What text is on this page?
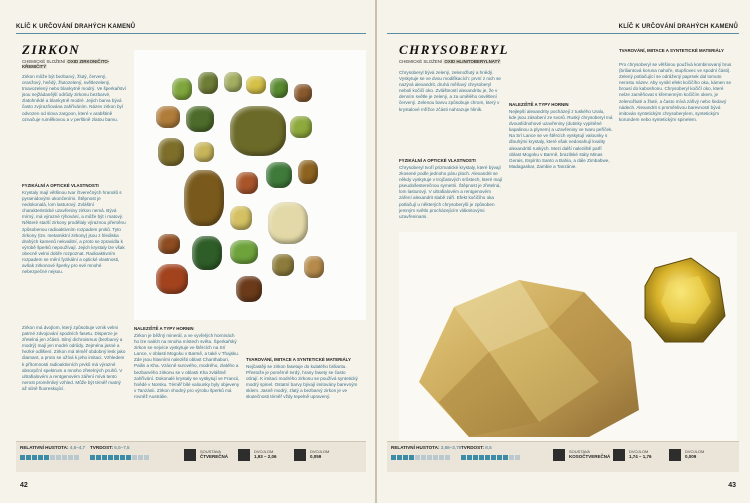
KLÍČ K URČOVÁNÍ DRAHÝCH KAMENŮ
ZIRKON
CHEMICKÉ SLOŽENÍ OXID ZIRKONIČITO-KŘEMIČITÝ
Zirkon může být bezbarvý, žlutý, červený, oranžový, hnědý, žlutozelený, světlezelený, tmavozelený nebo blankytně modrý. Ve šperkařství jsou nejžádanější odrůdy zirkonu bezbarvé, zlatohnědé a blankytně modré. Jejich barva bývá často zvýrazňována zahříváním. Název zirkon byl odvozen od slova zargoon, které v arabštině označuje rumělkovou a v perštině zlatou barvu.
FYZIKÁLNÍ A OPTICKÉ VLASTNOSTI
Krystaly mají většinou tvar čtverečných hranolů s pyramidovými ukončeními. Štěpnost je nedokonalá, lom lasturový. Zvláštní charakteristické uzavřeniny zirkon nemá. Bývá mírný, má výrazné rýhování, a může být i matový. Některé starší zirkony prodělaly výraznou přeměnu způsobenou radioaktivním rozpadem prvků. Tyto zirkony (tzv. metamiktní zirkony) jsou z hlediska drahých kamenů nekvalitní, a proto se zpravidla k výrobě šperků nepoužívají. Jejich krystaly lze však obecně velmi dobře rozpoznat. Radioaktivním rozpadem se mění fyzikální a optické vlastnosti, avšak zirkonové šperky pro své mnohé nebezpečné nejsou.
Zirkon má dvojlom, který způsobuje vznik velmi patrné zdvojování spodních fasetu. Disperze je zřetelná jen zčásti. Silný dichroismus (bezbarvý a modrý) mají jen modré odrůdy. Zejména jasné a hezké odlišení. Zirkon má téměř obdobný lesk jako diamant, a proto se užívá k jeho imitaci. Vzhledem k přítomnosti radioaktivních prvků má výrazné absorpční spektrum a mnoho zřetelných pruhů. V ultrafialovém a rentgenovém záření mívá tento nerost proměnlivý vzhled. Může být téměř matný až silně fluoreskující.
NALEZIŠTĚ A TYPY HORNIN
Zirkon je běžný minerál, a ve vyvřelých horninách ho lze nalézt na mnoha místech světa. Šperkařský zirkon se nejvíce vyskytuje ve štěrcích na Srí Lance, v oblasti Mogoku v Barmě, a také v Thajsku. Zde jsou hlavními nalezišti oblast Chanthaburi, Pailin a Kha. Vzácně surového, modrého, zlatého a bezbarvého zirkonu se v oblasti Kha zvláštně zahřívání. Dokonalé krystaly se vyskytují ve Francii, hnědé v Norsku. Téměř bílé valounky byly objeveny v Tanzánii. Zirkon vhodný pro výrobu šperků má rovněž Austrálie.
TVAROVÁNÍ, IMITACE A SYNTETICKÉ MATERIÁLY
Nejčastěji se zirkon fasetuje do kulatého briliantu. Přestože je poměrně tvrdý, hrany fasety se často otírají. K imitaci modrého zirkonu se používá syntetický modrý spinel. Ostatní barvy bývají imitovány barevným sklem. Jasně modrý, zlatý a bezbarvý zirkon je ve skutečnosti téměř vždy tepelně upravený.
RELATIVNÍ HUSTOTA: 4,6–4,7 TVRDOST: 6,5–7,5
SOUSTAVA
ČTVEREČNÁ
DVOJLOM
1,93 – 2,06
DVOJLOM
0,059
42
KLÍČ K URČOVÁNÍ DRAHÝCH KAMENŮ
CHRYSOBERYL
CHEMICKÉ SLOŽENÍ OXID HLINITOBERYLNATÝ
Chrysoberyl bývá zelený, zelenožlutý a hnědý. Vyskytuje se ve dvou modifikacích: první z nich se nazývá alexandrit, druhá měňavý chrysoberyl neboli kočičí oko. Zvláštností alexandritu je, že v denním světle je zelený, a za umělého osvětlení červený. Zelenou barvu způsobuje chrom, který v krystalové mřížce zčásti nahrazuje hliník.
FYZIKÁLNÍ A OPTICKÉ VLASTNOSTI
Chrysoberyl tvoří prizmatické krystaly, které bývají zkosené podle jednoho páru ploch. Alexandrit se někdy vyskytuje v trojčatových srůstech, které mají pseudošesterečnou symetrii. Štěpnost je zřetelná, lom lasturový. V ultrafialovém a rentgenovém záření alexandrit slabě září. Efekt kočičího oka potlačují u některých chrysoberylů je způsoben jemným světlo procházejícím vláknitovými uzavřeninami.
NALEZIŠTĚ A TYPY HORNIN
Nejlepší alexandrity pocházejí z tuského Uralu, kde jsou zásobení ze svorů. Ruský chrysoberyl má dvouslídnohové uzavřeniny (dutinky vyplněné kapalinou a plynem) a uzavřeniny ve tvaru peříček. Na Srí Lance se ve štěrcích vyskytují valounky s dlouhými krystaly, které však nedosahují kvality alexandritů ruských. Mezi další naleziště patří oblast Mogoku v Barmě, brazilské státy Minas Gerais, Espírito Santo a Bahia, a dále Zimbabwe, Madagaskar, Zambie a Tanzánie.
TVAROVÁNÍ, IMITACE A SYNTETICKÉ MATERIÁLY
Pro chrysoberyl se většinou používá kombinovaný brus (briliantová koruna nahoře, stupňovec ve spodní části). Zelený potlačující se odrážený paprsek dal tomuto nerostu název. Aby vynikl efekt kočičího oka, kámen se brousí do kaboshonu. Chrysoberyl kočičí oko, které nelze zaměňovat s křemenným kočičím okem, je zelenožluté a žluté, a často mívá zářivý nebo šedavý nádech. Alexandrit s proměnlivou barevností bývá imitován syntetickým chrysoberylem, syntetickým korundem nebo syntetickým spinelem.
RELATIVNÍ HUSTOTA: 3,68–3,78 TVRDOST: 8,5
SOUSTAVA
KOSOČTVEREČNÁ
DVOJLOM
1,74 – 1,76
DVOJLOM
0,009
43
